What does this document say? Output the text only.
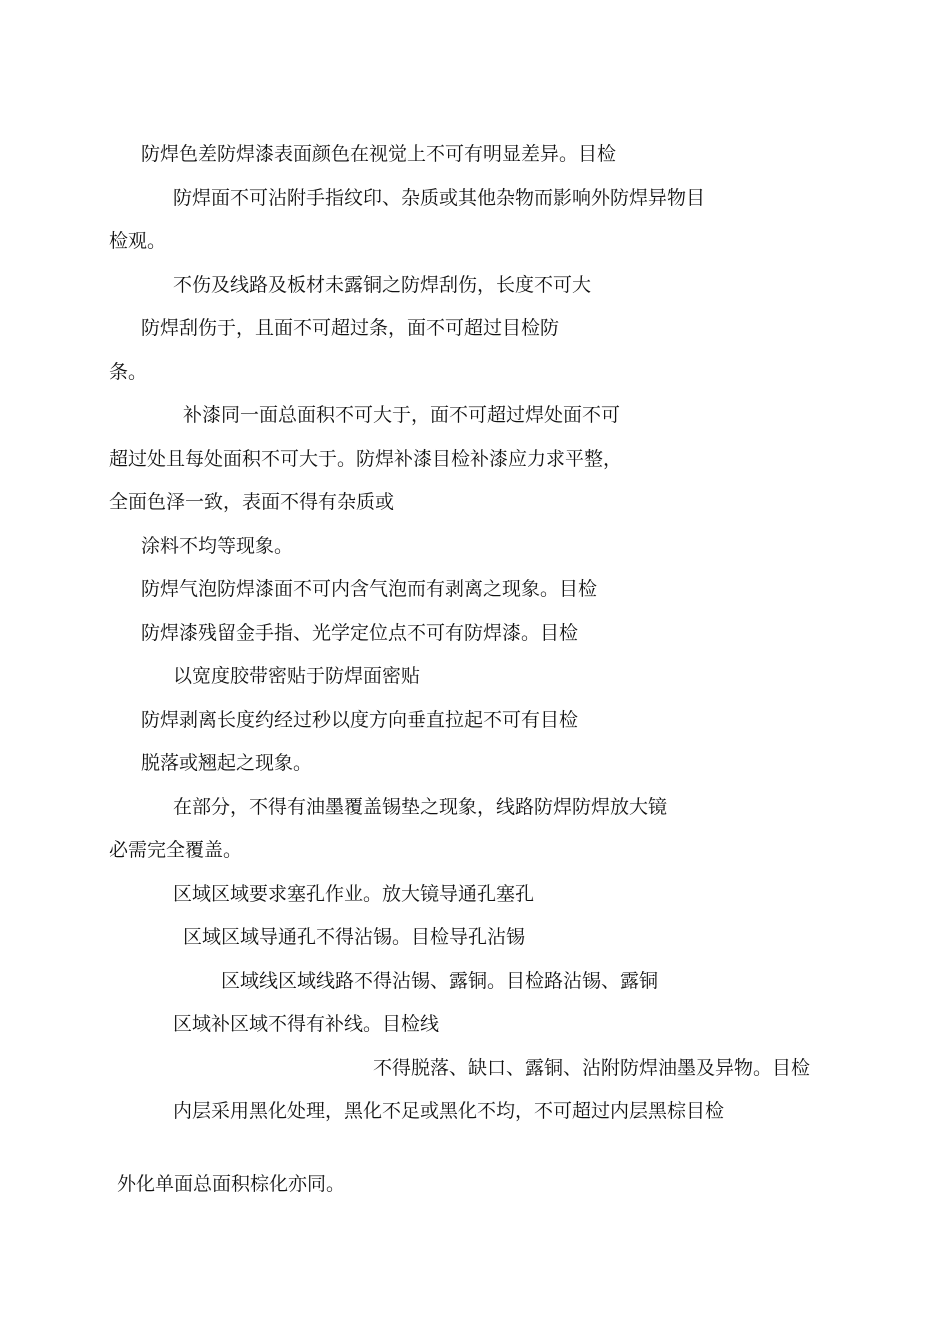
防焊色差防焊漆表面颜色在视觉上不可有明显差异。目检

防焊面不可沾附手指纹印、杂质或其他杂物而影响外防焊异物目

检观。

不伤及线路及板材未露铜之防焊刮伤，长度不可大

防焊刮伤于，且面不可超过条，面不可超过目检防

条。

补漆同一面总面积不可大于，面不可超过焊处面不可

超过处且每处面积不可大于。防焊补漆目检补漆应力求平整，

全面色泽一致，表面不得有杂质或

涂料不均等现象。

防焊气泡防焊漆面不可内含气泡而有剥离之现象。目检

防焊漆残留金手指、光学定位点不可有防焊漆。目检

以宽度胶带密贴于防焊面密贴

防焊剥离长度约经过秒以度方向垂直拉起不可有目检

脱落或翘起之现象。

在部分，不得有油墨覆盖锡垫之现象，线路防焊防焊放大镜

必需完全覆盖。

区域区域要求塞孔作业。放大镜导通孔塞孔

区域区域导通孔不得沾锡。目检导孔沾锡

区域线区域线路不得沾锡、露铜。目检路沾锡、露铜

区域补区域不得有补线。目检线

不得脱落、缺口、露铜、沾附防焊油墨及异物。目检

内层采用黑化处理，黑化不足或黑化不均，不可超过内层黑棕目检

外化单面总面积棕化亦同。
